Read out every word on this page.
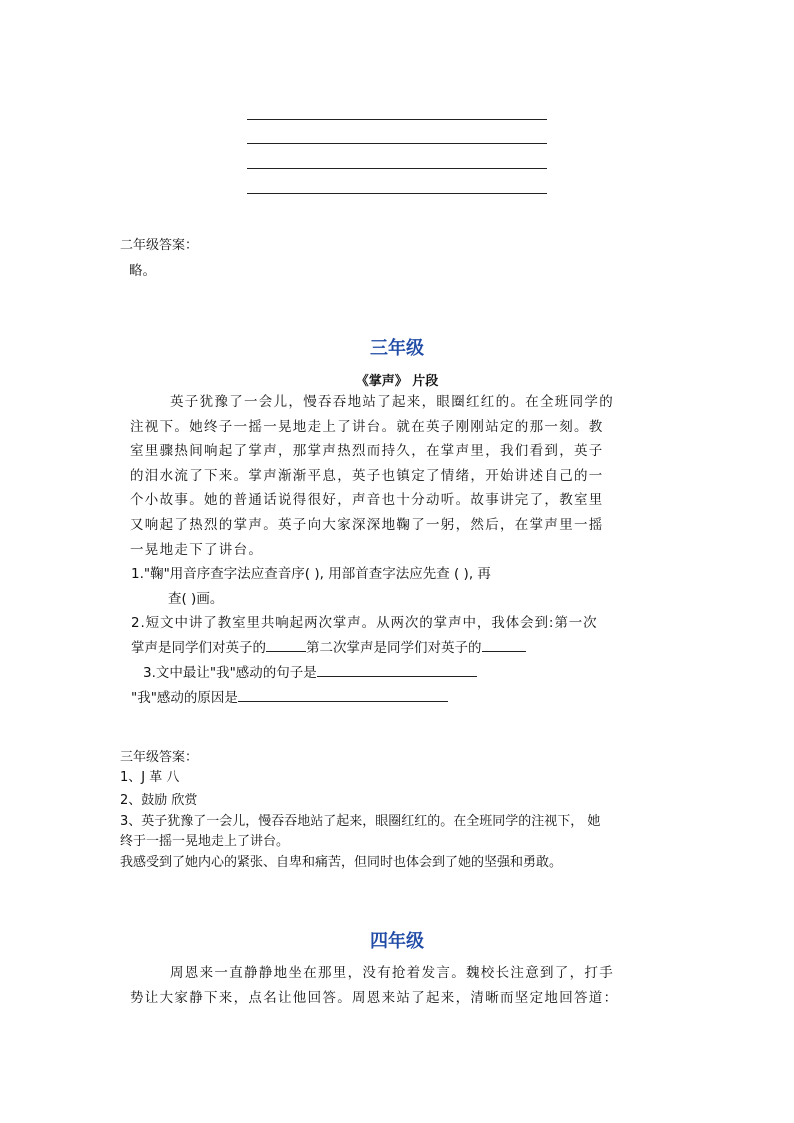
二年级答案：
略。
三年级
《掌声》 片段

英子犹豫了一会儿，慢吞吞地站了起来，眼圈红红的。在全班同学的

注视下。她终子一摇一晃地走上了讲台。就在英子刚刚站定的那一刻。教

室里骤热间响起了掌声，那掌声热烈而持久，在掌声里，我们看到，英子

的泪水流了下来。掌声渐渐平息，英子也镇定了情绪，开始讲述自己的一

个小故事。她的普通话说得很好，声音也十分动听。故事讲完了，教室里

又响起了热烈的掌声。英子向大家深深地鞠了一躬，然后，在掌声里一摇

一晃地走下了讲台。

1."鞠"用音序查字法应查音序( ), 用部首查字法应先查 ( ), 再
查( )画。
2.短文中讲了教室里共响起两次掌声。从两次的掌声中，我体会到:第一次
掌声是同学们对英子的	第二次掌声是同学们对英子的
3.文中最让"我"感动的句子是
"我"感动的原因是
三年级答案：
1、J 革 八
2、鼓励 欣赏
3、英子犹豫了一会儿，慢吞吞地站了起来，眼圈红红的。在全班同学的注视下， 她
终于一摇一晃地走上了讲台。
我感受到了她内心的紧张、自卑和痛苦，但同时也体会到了她的坚强和勇敢。
四年级

周恩来一直静静地坐在那里，没有抢着发言。魏校长注意到了，打手

势让大家静下来，点名让他回答。周恩来站了起来，清晰而坚定地回答道：
